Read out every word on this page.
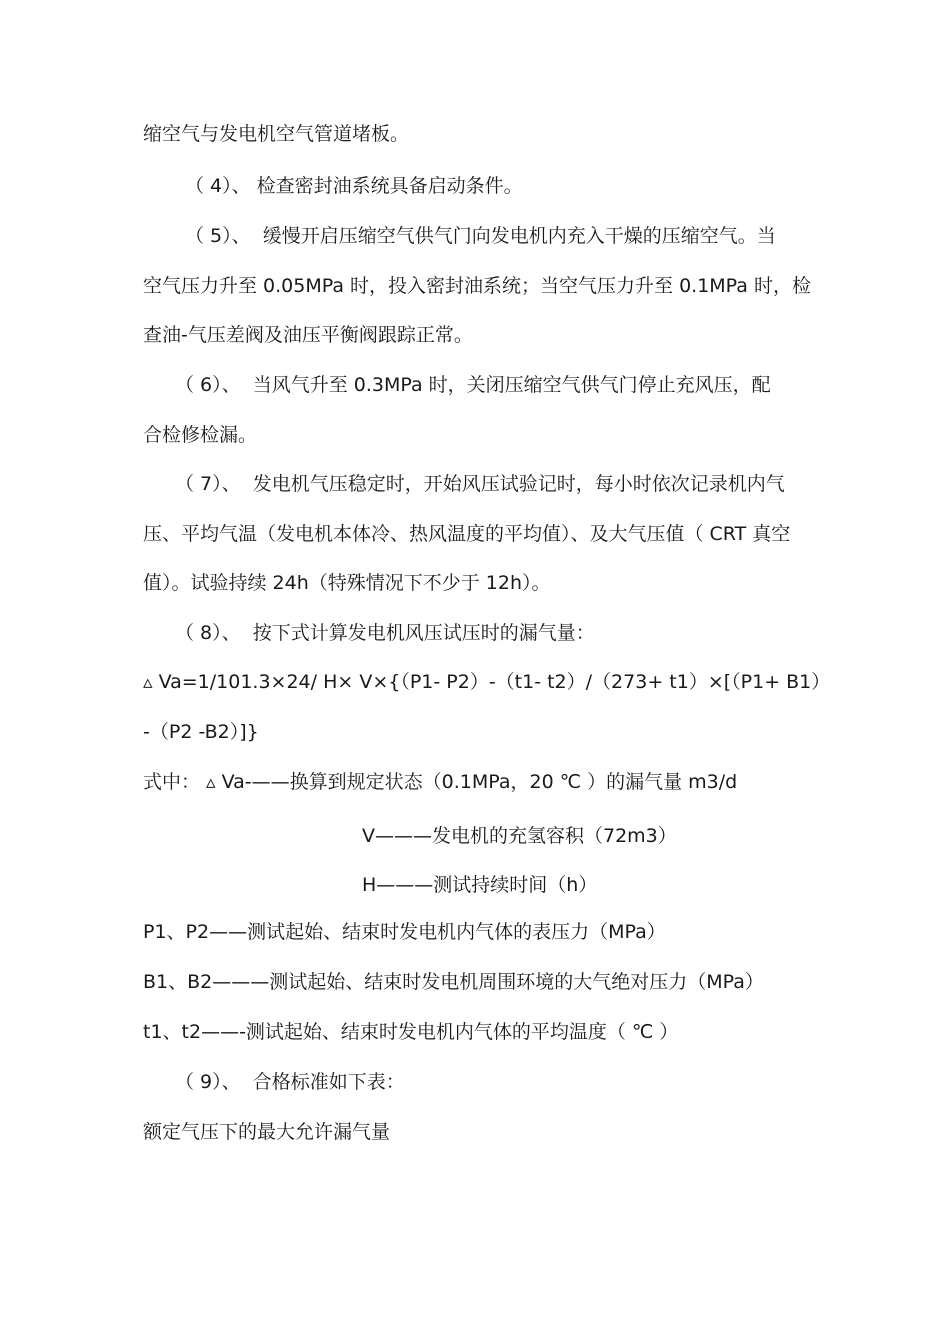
缩空气与发电机空气管道堵板。
（ 4）、 检查密封油系统具备启动条件。
（ 5）、  缓慢开启压缩空气供气门向发电机内充入干燥的压缩空气。当
空气压力升至 0.05MPa 时，投入密封油系统；当空气压力升至 0.1MPa 时，检
查油-气压差阀及油压平衡阀跟踪正常。
（ 6）、  当风气升至 0.3MPa 时，关闭压缩空气供气门停止充风压，配
合检修检漏。
（ 7）、  发电机气压稳定时，开始风压试验记时，每小时依次记录机内气
压、平均气温（发电机本体冷、热风温度的平均值）、及大气压值（ CRT 真空
值）。试验持续 24h（特殊情况下不少于 12h）。
（ 8）、  按下式计算发电机风压试压时的漏气量：
▵ Va=1/101.3×24/ H× V×{（P1- P2）-（t1- t2）/（273+ t1）×[（P1+ B1）
-（P2 -B2）]}
式中： ▵ Va-——换算到规定状态（0.1MPa，20 ℃ ）的漏气量 m3/d
V———发电机的充氢容积（72m3）
H———测试持续时间（h）
P1、P2——测试起始、结束时发电机内气体的表压力（MPa）
B1、B2———测试起始、结束时发电机周围环境的大气绝对压力（MPa）
t1、t2——-测试起始、结束时发电机内气体的平均温度（ ℃ ）
（ 9）、  合格标准如下表：
额定气压下的最大允许漏气量
